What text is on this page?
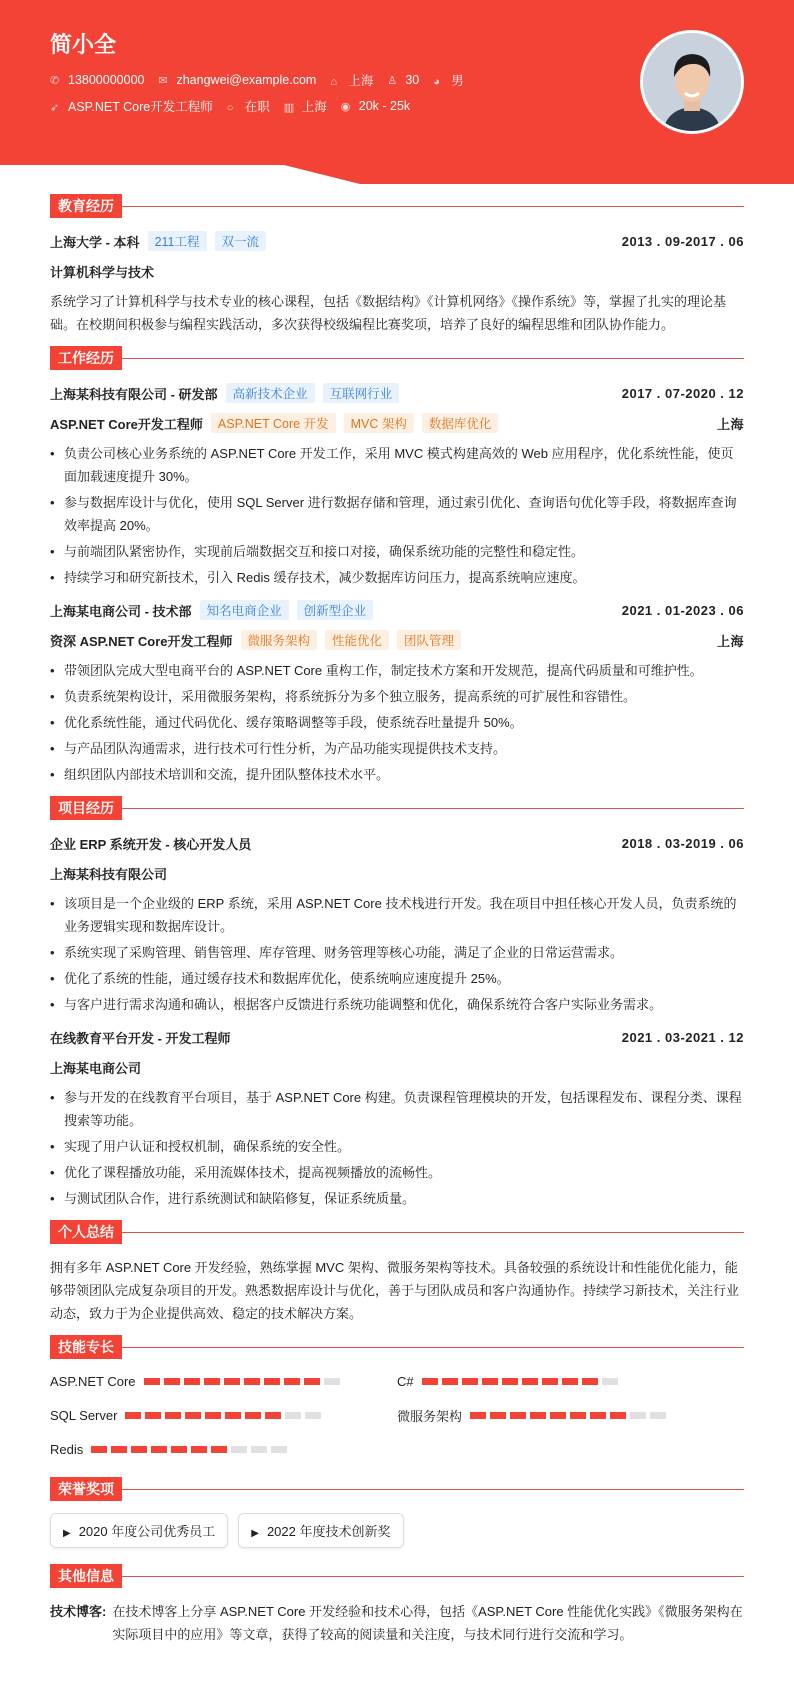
简小全
✆ 13800000000 ✉ zhangwei@example.com ⌂ 上海 ♙ 30 ◕ 男
➶ ASP.NET Core开发工程师 ○ 在职 ▥ 上海 ◉ 20k - 25k
教育经历
上海大学 - 本科	211工程	双一流	2013 . 09-2017 . 06
计算机科学与技术
系统学习了计算机科学与技术专业的核心课程，包括《数据结构》《计算机网络》《操作系统》等，掌握了扎实的理论基础。在校期间积极参与编程实践活动，多次获得校级编程比赛奖项，培养了良好的编程思维和团队协作能力。
工作经历
上海某科技有限公司 - 研发部	高新技术企业	互联网行业	2017 . 07-2020 . 12
ASP.NET Core开发工程师	ASP.NET Core 开发	MVC 架构	数据库优化	上海
• 负责公司核心业务系统的 ASP.NET Core 开发工作，采用 MVC 模式构建高效的 Web 应用程序，优化系统性能，使页面加载速度提升 30%。
• 参与数据库设计与优化，使用 SQL Server 进行数据存储和管理，通过索引优化、查询语句优化等手段，将数据库查询效率提高 20%。
• 与前端团队紧密协作，实现前后端数据交互和接口对接，确保系统功能的完整性和稳定性。
• 持续学习和研究新技术，引入 Redis 缓存技术，减少数据库访问压力，提高系统响应速度。
上海某电商公司 - 技术部	知名电商企业	创新型企业	2021 . 01-2023 . 06
资深 ASP.NET Core开发工程师	微服务架构	性能优化	团队管理	上海
• 带领团队完成大型电商平台的 ASP.NET Core 重构工作，制定技术方案和开发规范，提高代码质量和可维护性。
• 负责系统架构设计，采用微服务架构，将系统拆分为多个独立服务，提高系统的可扩展性和容错性。
• 优化系统性能，通过代码优化、缓存策略调整等手段，使系统吞吐量提升 50%。
• 与产品团队沟通需求，进行技术可行性分析，为产品功能实现提供技术支持。
• 组织团队内部技术培训和交流，提升团队整体技术水平。
项目经历
企业 ERP 系统开发 - 核心开发人员	2018 . 03-2019 . 06
上海某科技有限公司
• 该项目是一个企业级的 ERP 系统，采用 ASP.NET Core 技术栈进行开发。我在项目中担任核心开发人员，负责系统的业务逻辑实现和数据库设计。
• 系统实现了采购管理、销售管理、库存管理、财务管理等核心功能，满足了企业的日常运营需求。
• 优化了系统的性能，通过缓存技术和数据库优化，使系统响应速度提升 25%。
• 与客户进行需求沟通和确认，根据客户反馈进行系统功能调整和优化，确保系统符合客户实际业务需求。
在线教育平台开发 - 开发工程师	2021 . 03-2021 . 12
上海某电商公司
• 参与开发的在线教育平台项目，基于 ASP.NET Core 构建。负责课程管理模块的开发，包括课程发布、课程分类、课程搜索等功能。
• 实现了用户认证和授权机制，确保系统的安全性。
• 优化了课程播放功能，采用流媒体技术，提高视频播放的流畅性。
• 与测试团队合作，进行系统测试和缺陷修复，保证系统质量。
个人总结
拥有多年 ASP.NET Core 开发经验，熟练掌握 MVC 架构、微服务架构等技术。具备较强的系统设计和性能优化能力，能够带领团队完成复杂项目的开发。熟悉数据库设计与优化，善于与团队成员和客户沟通协作。持续学习新技术，关注行业动态，致力于为企业提供高效、稳定的技术解决方案。
技能专长
ASP.NET Core	C#
SQL Server	微服务架构
Redis
荣誉奖项
▶ 2020 年度公司优秀员工	▶ 2022 年度技术创新奖
其他信息
技术博客: 在技术博客上分享 ASP.NET Core 开发经验和技术心得，包括《ASP.NET Core 性能优化实践》《微服务架构在实际项目中的应用》等文章，获得了较高的阅读量和关注度，与技术同行进行交流和学习。
